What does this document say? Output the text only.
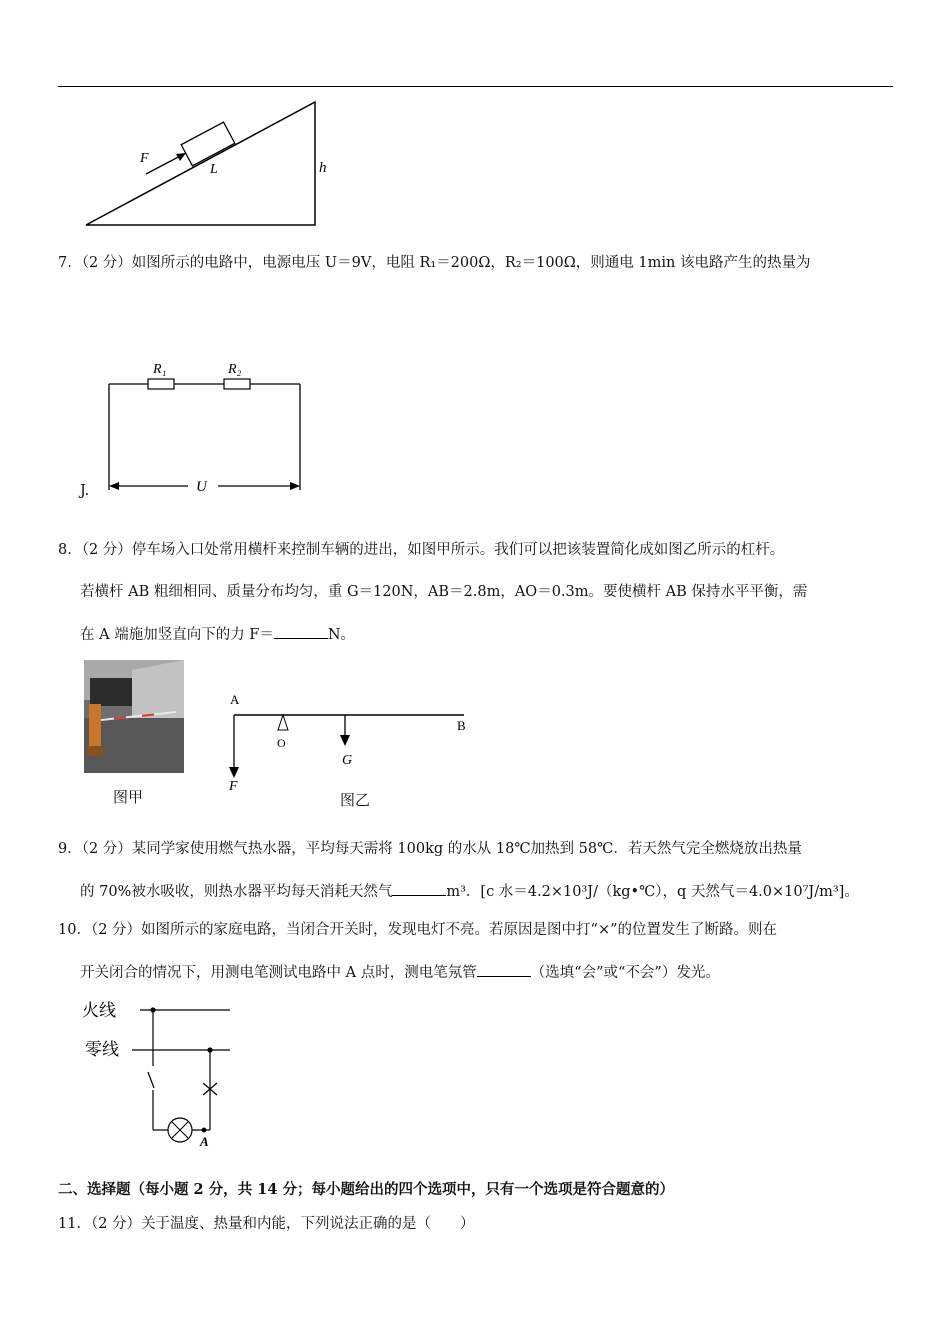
F
L	h
7．（2 分）如图所示的电路中，电源电压 U＝9V，电阻 R₁＝200Ω，R₂＝100Ω，则通电 1min 该电路产生的热量为
R₁	R₂
U
J.
8．（2 分）停车场入口处常用横杆来控制车辆的进出，如图甲所示。我们可以把该装置简化成如图乙所示的杠杆。
若横杆 AB 粗细相同、质量分布均匀，重 G＝120N，AB＝2.8m，AO＝0.3m。要使横杆 AB 保持水平平衡，需
在 A 端施加竖直向下的力 F＝	N。
图甲
A
B
O
G
F
图乙
9．（2 分）某同学家使用燃气热水器，平均每天需将 100kg 的水从 18℃加热到 58℃．若天然气完全燃烧放出热量
的 70%被水吸收，则热水器平均每天消耗天然气	m³．[c 水＝4.2×10³J/（kg•℃），q 天然气＝4.0×10⁷J/m³]。
10．（2 分）如图所示的家庭电路，当闭合开关时，发现电灯不亮。若原因是图中打“×”的位置发生了断路。则在
开关闭合的情况下，用测电笔测试电路中 A 点时，测电笔氖管	（选填“会”或“不会”）发光。
火线
零线
A
二、选择题（每小题 2 分，共 14 分；每小题给出的四个选项中，只有一个选项是符合题意的）
11．（2 分）关于温度、热量和内能，下列说法正确的是（　　）
